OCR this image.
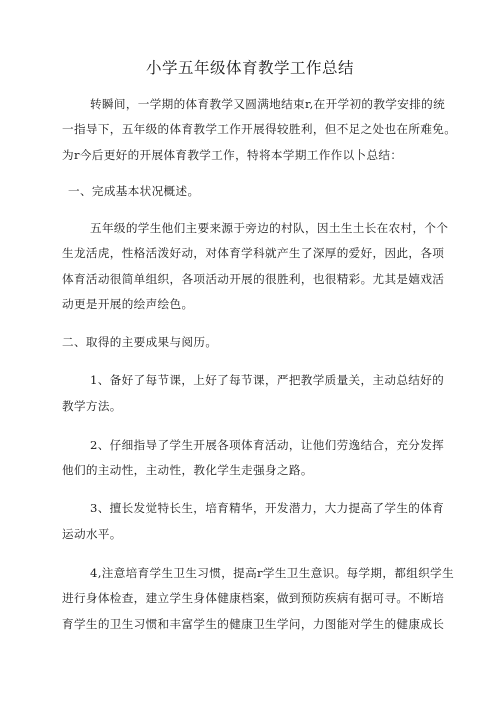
小学五年级体育教学工作总结
转瞬间，一学期的体育教学又圆满地结束r,在开学初的教学安排的统
一指导下，五年级的体育教学工作开展得较胜利，但不足之处也在所难免。
为r今后更好的开展体育教学工作，特将本学期工作作以卜总结：
一、完成基本状况概述。
五年级的学生他们主要来源于旁边的村队，因土生土长在农村，个个
生龙活虎，性格活泼好动，对体育学科就产生了深厚的爱好，因此，各项
体育活动很简单组织，各项活动开展的很胜利，也很精彩。尤其是嬉戏活
动更是开展的绘声绘色。
二、取得的主要成果与阅历。
1、备好了每节课，上好了每节课，严把教学质量关，主动总结好的
教学方法。
2、仔细指导了学生开展各项体育活动，让他们劳逸结合，充分发挥
他们的主动性，主动性，教化学生走强身之路。
3、擅长发觉特长生，培育精华，开发潜力，大力提高了学生的体育
运动水平。
4,注意培育学生卫生习惯，提高r学生卫生意识。每学期，都组织学生
进行身体检查，建立学生身体健康档案，做到预防疾病有据可寻。不断培
育学生的卫生习惯和丰富学生的健康卫生学问，力图能对学生的健康成长
